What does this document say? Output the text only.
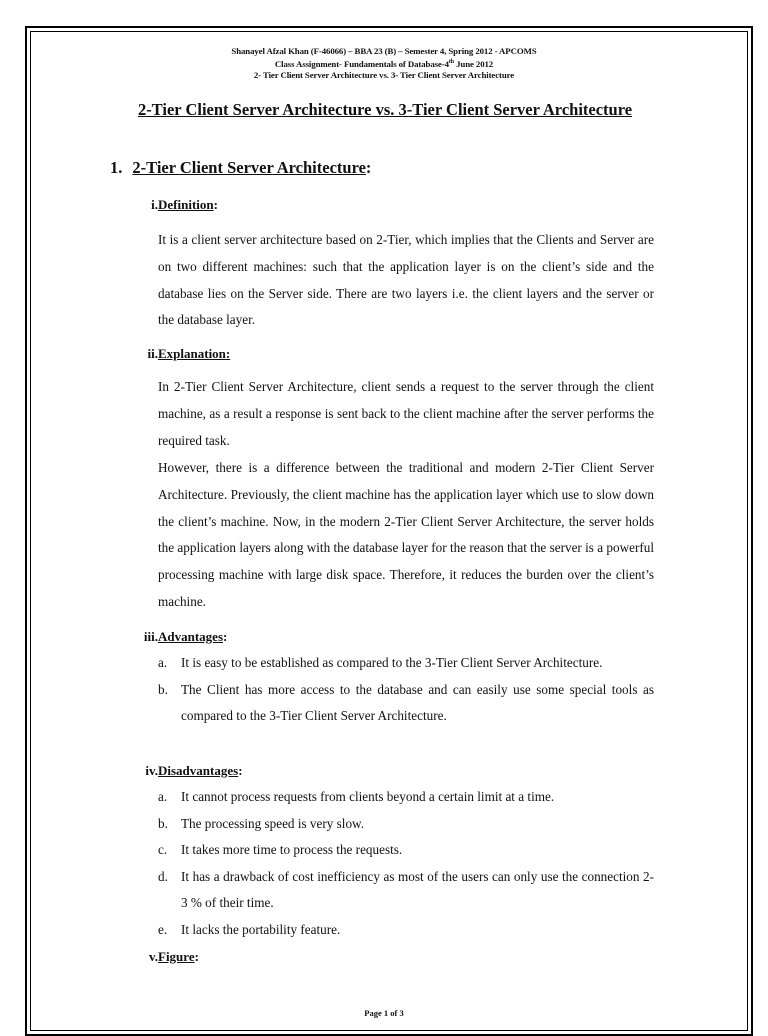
Shanayel Afzal Khan (F-46066) – BBA 23 (B) – Semester 4, Spring 2012 - APCOMS
Class Assignment- Fundamentals of Database-4th June 2012
2- Tier Client Server Architecture vs. 3- Tier Client Server Architecture
2-Tier Client Server Architecture vs. 3-Tier Client Server Architecture
1. 2-Tier Client Server Architecture:
i.Definition:
It is a client server architecture based on 2-Tier, which implies that the Clients and Server are on two different machines: such that the application layer is on the client’s side and the database lies on the Server side. There are two layers i.e. the client layers and the server or the database layer.
ii.Explanation:
In 2-Tier Client Server Architecture, client sends a request to the server through the client machine, as a result a response is sent back to the client machine after the server performs the required task.
However, there is a difference between the traditional and modern 2-Tier Client Server Architecture. Previously, the client machine has the application layer which use to slow down the client’s machine. Now, in the modern 2-Tier Client Server Architecture, the server holds the application layers along with the database layer for the reason that the server is a powerful processing machine with large disk space. Therefore, it reduces the burden over the client’s machine.
iii.Advantages:
a. It is easy to be established as compared to the 3-Tier Client Server Architecture.
b. The Client has more access to the database and can easily use some special tools as compared to the 3-Tier Client Server Architecture.
iv.Disadvantages:
a. It cannot process requests from clients beyond a certain limit at a time.
b. The processing speed is very slow.
c. It takes more time to process the requests.
d. It has a drawback of cost inefficiency as most of the users can only use the connection 2-3 % of their time.
e. It lacks the portability feature.
v.Figure:
Page 1 of 3
